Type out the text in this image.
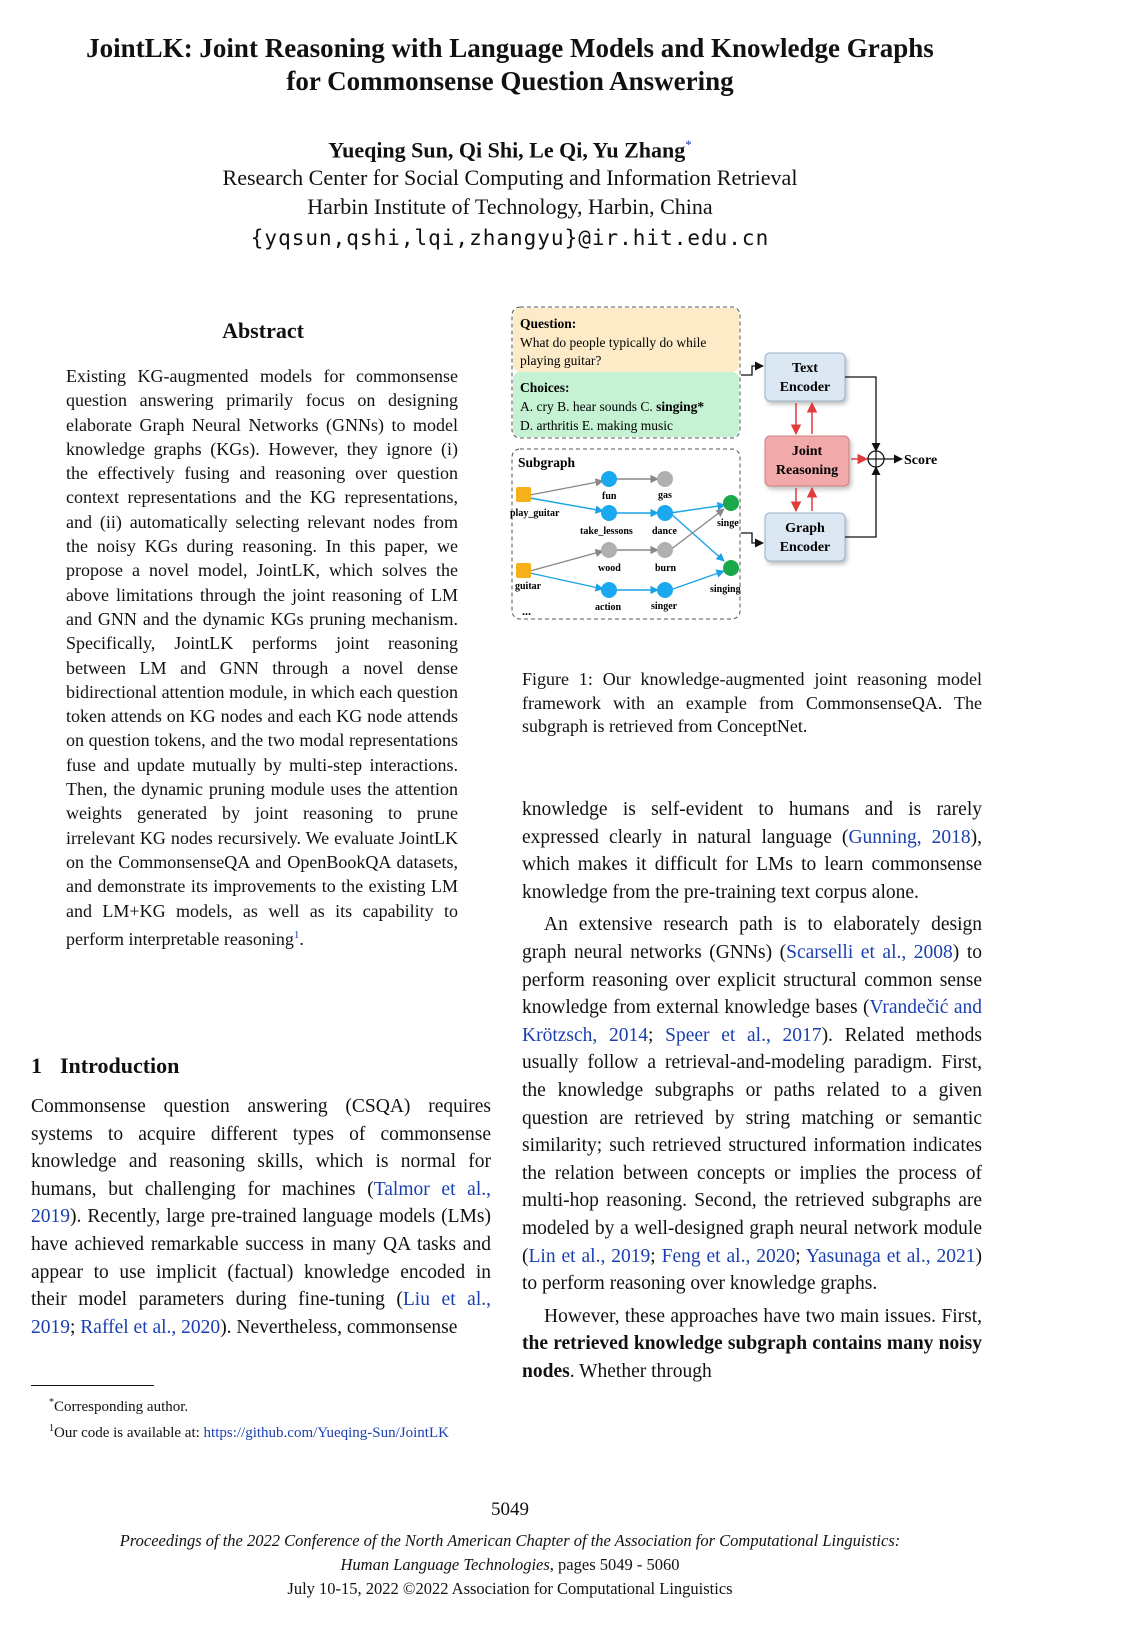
JointLK: Joint Reasoning with Language Models and Knowledge Graphs
for Commonsense Question Answering
Yueqing Sun, Qi Shi, Le Qi, Yu Zhang*
Research Center for Social Computing and Information Retrieval
Harbin Institute of Technology, Harbin, China
{yqsun,qshi,lqi,zhangyu}@ir.hit.edu.cn
Abstract
Existing KG-augmented models for commonsense question answering primarily focus on designing elaborate Graph Neural Networks (GNNs) to model knowledge graphs (KGs). However, they ignore (i) the effectively fusing and reasoning over question context representations and the KG representations, and (ii) automatically selecting relevant nodes from the noisy KGs during reasoning. In this paper, we propose a novel model, JointLK, which solves the above limitations through the joint reasoning of LM and GNN and the dynamic KGs pruning mechanism. Specifically, JointLK performs joint reasoning between LM and GNN through a novel dense bidirectional attention module, in which each question token attends on KG nodes and each KG node attends on question tokens, and the two modal representations fuse and update mutually by multi-step interactions. Then, the dynamic pruning module uses the attention weights generated by joint reasoning to prune irrelevant KG nodes recursively. We evaluate JointLK on the CommonsenseQA and OpenBookQA datasets, and demonstrate its improvements to the existing LM and LM+KG models, as well as its capability to perform interpretable reasoning$^1$.
1 Introduction
Commonsense question answering (CSQA) requires systems to acquire different types of commonsense knowledge and reasoning skills, which is normal for humans, but challenging for machines (Talmor et al., 2019). Recently, large pre-trained language models (LMs) have achieved remarkable success in many QA tasks and appear to use implicit (factual) knowledge encoded in their model parameters during fine-tuning (Liu et al., 2019; Raffel et al., 2020). Nevertheless, commonsense

*Corresponding author.

$^1$Our code is available at: https://github.com/Yueqing-Sun/JointLK

Question:
What do people typically do while
playing guitar?
Choices:
A. cry B. hear sounds C. singing*
D. arthritis E. making music
Subgraph
play_guitar
guitar
fun	gas
take_lessons dance
wood	burn
action	singer
singe
singing
...
Text
Encoder
Joint
Reasoning
Graph
Encoder
Score
Figure 1: Our knowledge-augmented joint reasoning model framework with an example from CommonsenseQA. The subgraph is retrieved from ConceptNet.

knowledge is self-evident to humans and is rarely expressed clearly in natural language (Gunning, 2018), which makes it difficult for LMs to learn commonsense knowledge from the pre-training text corpus alone.

An extensive research path is to elaborately design graph neural networks (GNNs) (Scarselli et al., 2008) to perform reasoning over explicit structural common sense knowledge from external knowledge bases (Vrandečić and Krötzsch, 2014; Speer et al., 2017). Related methods usually follow a retrieval-and-modeling paradigm. First, the knowledge subgraphs or paths related to a given question are retrieved by string matching or semantic similarity; such retrieved structured information indicates the relation between concepts or implies the process of multi-hop reasoning. Second, the retrieved subgraphs are modeled by a well-designed graph neural network module (Lin et al., 2019; Feng et al., 2020; Yasunaga et al., 2021) to perform reasoning over knowledge graphs.

However, these approaches have two main issues. First, the retrieved knowledge subgraph contains many noisy nodes. Whether through

5049
Proceedings of the 2022 Conference of the North American Chapter of the Association for Computational Linguistics:
Human Language Technologies, pages 5049 - 5060
July 10-15, 2022 ©2022 Association for Computational Linguistics
